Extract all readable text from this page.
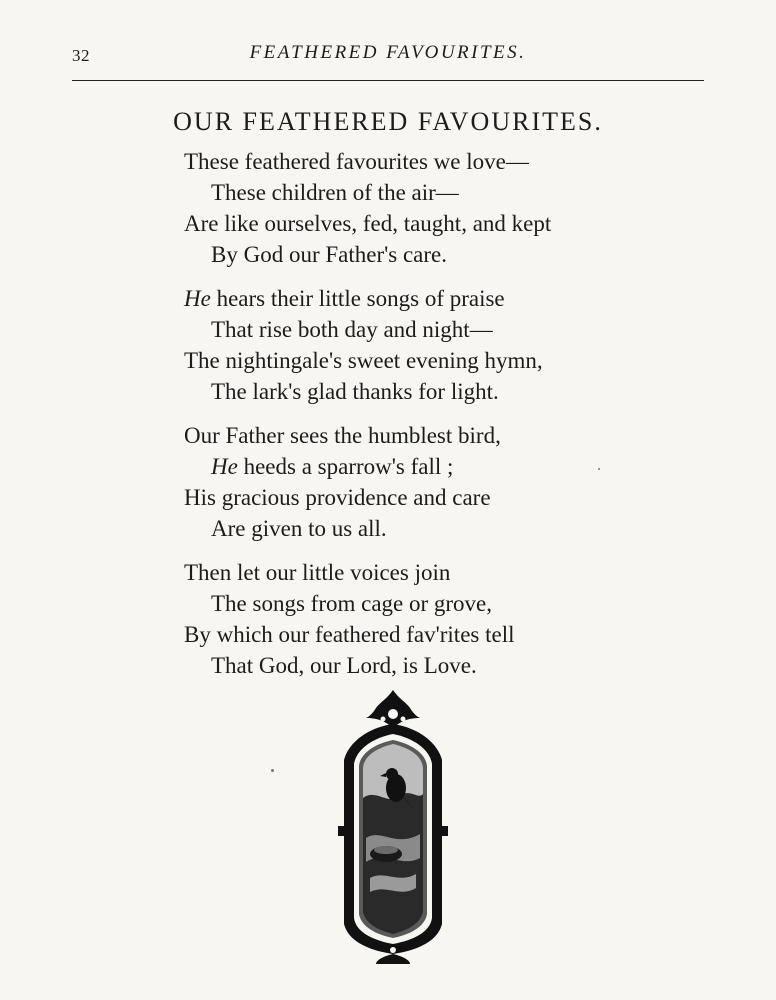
32	FEATHERED FAVOURITES.
OUR FEATHERED FAVOURITES.
These feathered favourites we love—
These children of the air—
Are like ourselves, fed, taught, and kept
By God our Father's care.
He hears their little songs of praise
That rise both day and night—
The nightingale's sweet evening hymn,
The lark's glad thanks for light.
Our Father sees the humblest bird,
He heeds a sparrow's fall ;
His gracious providence and care
Are given to us all.
Then let our little voices join
The songs from cage or grove,
By which our feathered fav'rites tell
That God, our Lord, is Love.
